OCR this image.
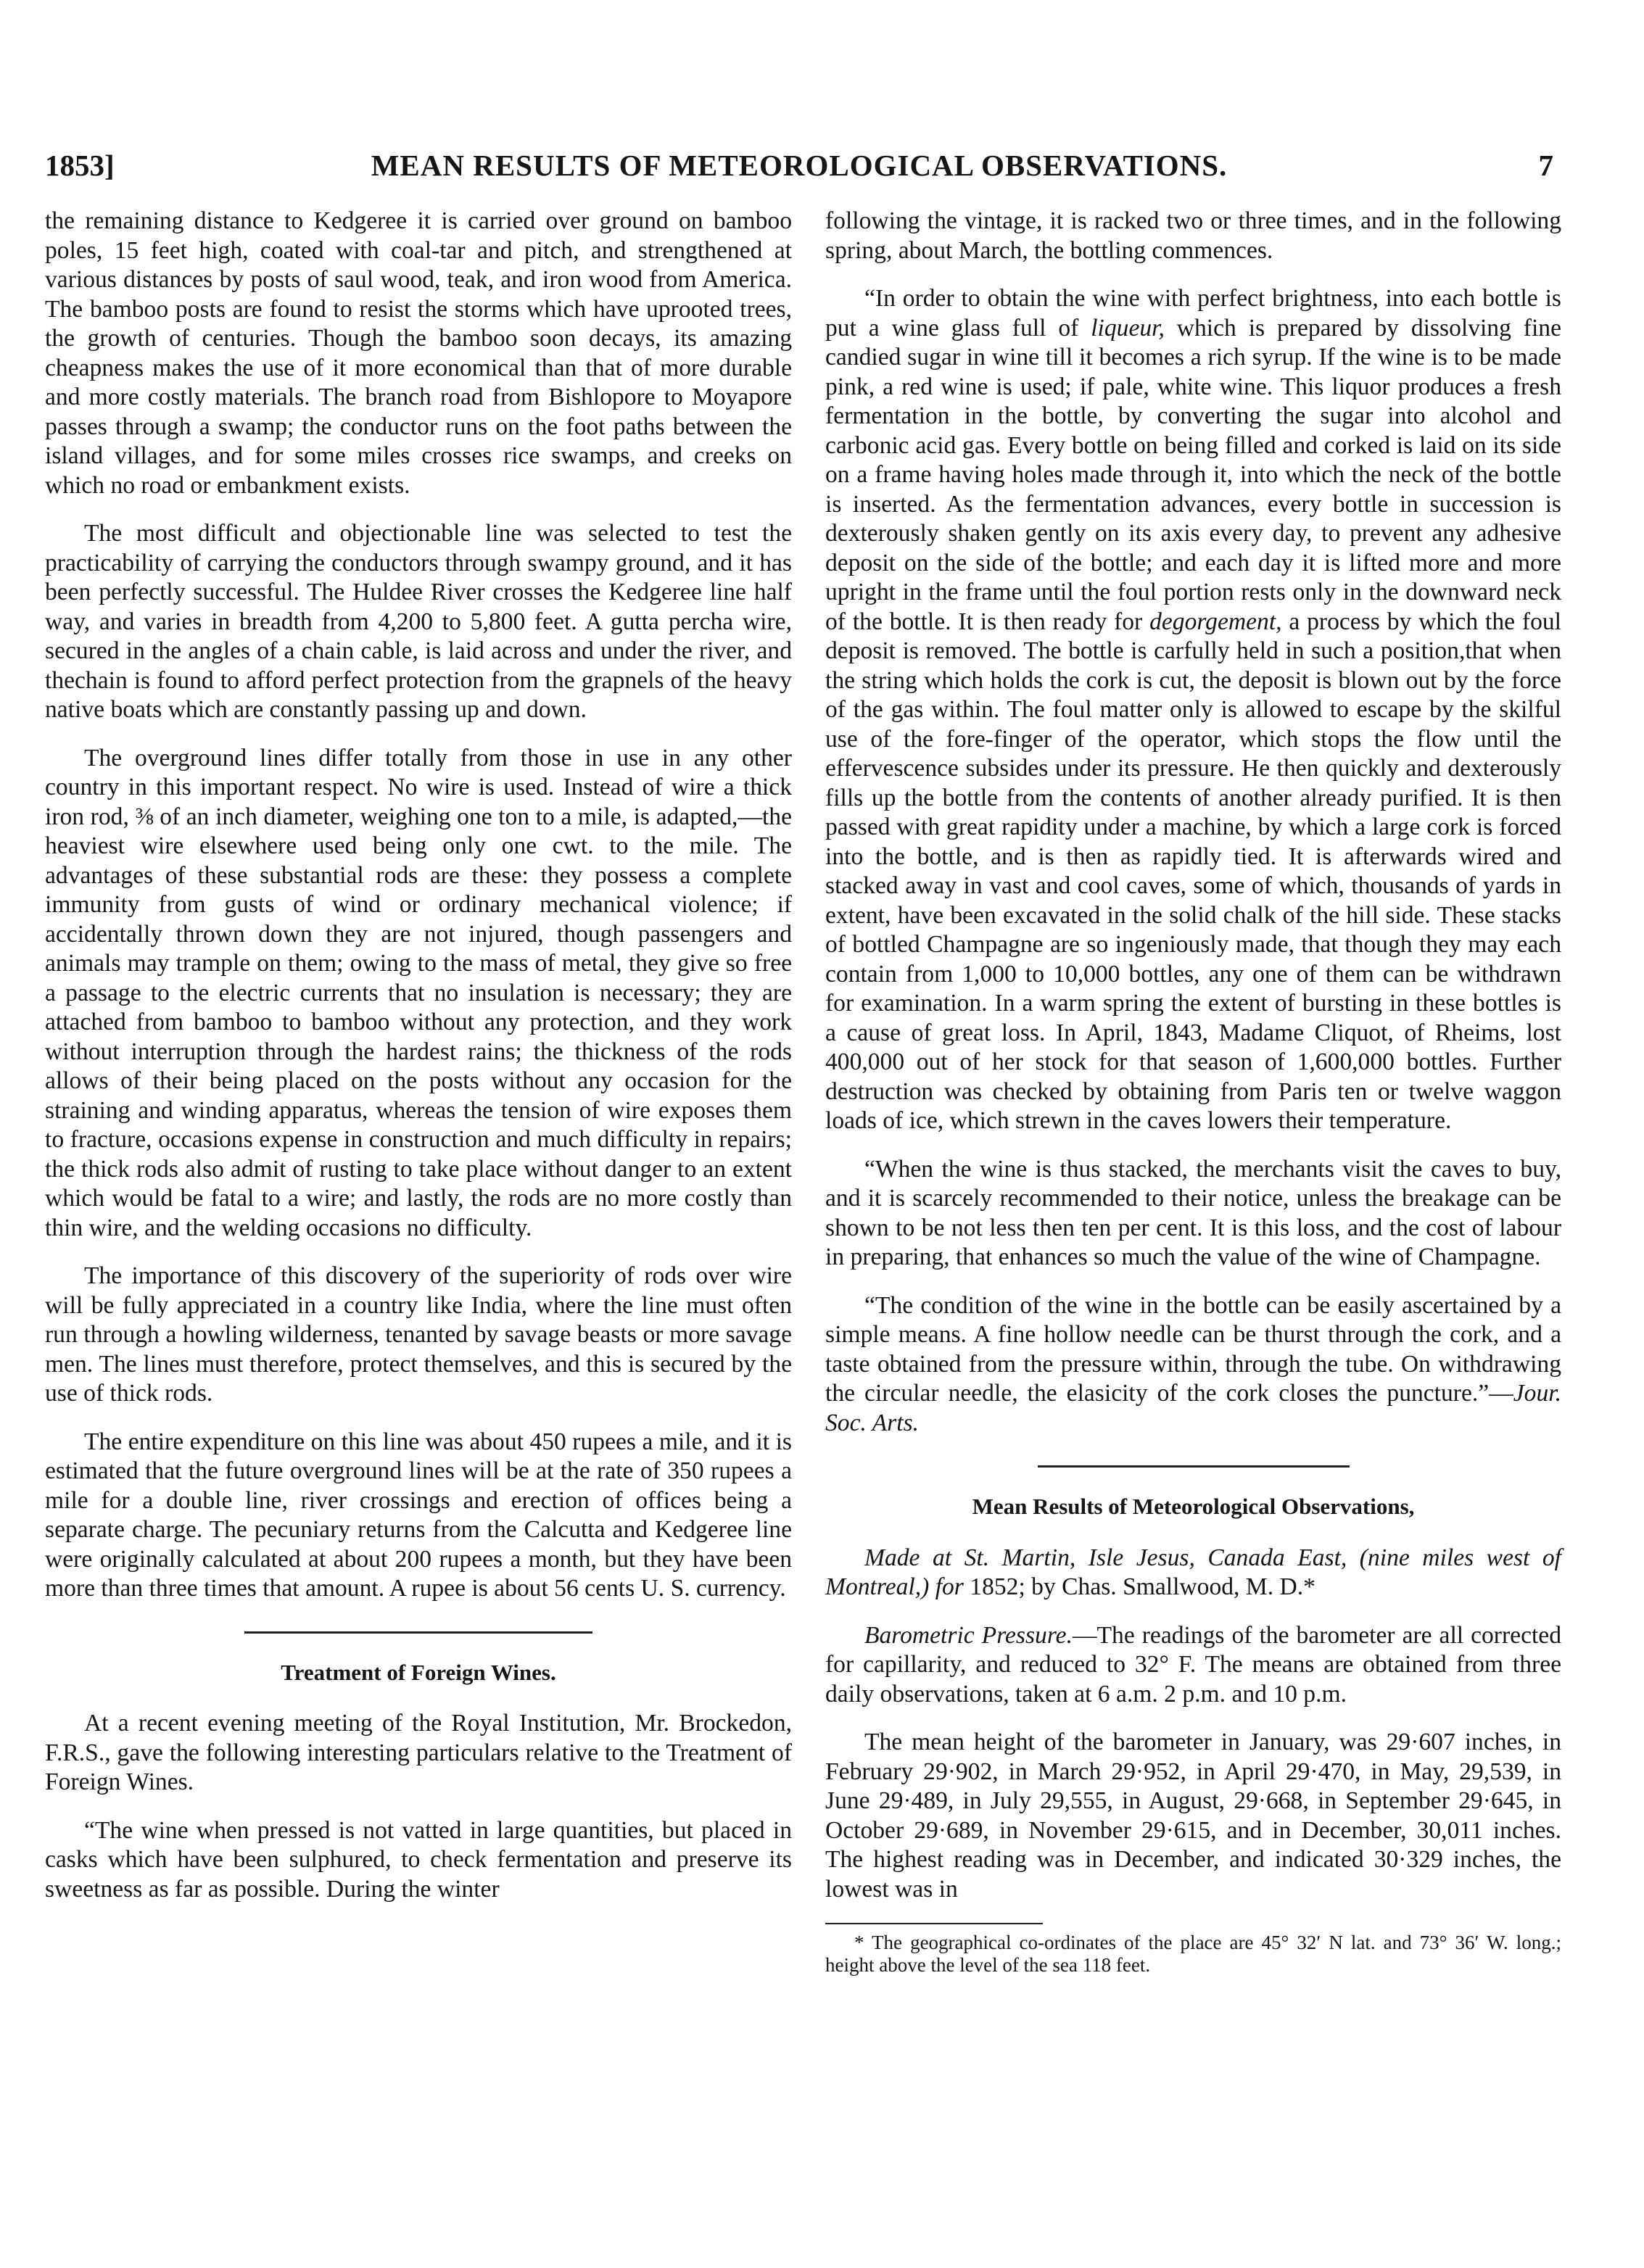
1853]	MEAN RESULTS OF METEOROLOGICAL OBSERVATIONS.	7

the remaining distance to Kedgeree it is carried over ground on bamboo poles, 15 feet high, coated with coal-tar and pitch, and strengthened at various distances by posts of saul wood, teak, and iron wood from America. The bamboo posts are found to resist the storms which have uprooted trees, the growth of centuries. Though the bamboo soon decays, its amazing cheapness makes the use of it more economical than that of more durable and more costly materials. The branch road from Bishlopore to Moyapore passes through a swamp; the conductor runs on the foot paths between the island villages, and for some miles crosses rice swamps, and creeks on which no road or embankment exists.

The most difficult and objectionable line was selected to test the practicability of carrying the conductors through swampy ground, and it has been perfectly successful. The Huldee River crosses the Kedgeree line half way, and varies in breadth from 4,200 to 5,800 feet. A gutta percha wire, secured in the angles of a chain cable, is laid across and under the river, and thechain is found to afford perfect protection from the grapnels of the heavy native boats which are constantly passing up and down.

The overground lines differ totally from those in use in any other country in this important respect. No wire is used. Instead of wire a thick iron rod, ⅜ of an inch diameter, weighing one ton to a mile, is adapted,—the heaviest wire elsewhere used being only one cwt. to the mile. The advantages of these substantial rods are these: they possess a complete immunity from gusts of wind or ordinary mechanical violence; if accidentally thrown down they are not injured, though passengers and animals may trample on them; owing to the mass of metal, they give so free a passage to the electric currents that no insulation is necessary; they are attached from bamboo to bamboo without any protection, and they work without interruption through the hardest rains; the thickness of the rods allows of their being placed on the posts without any occasion for the straining and winding apparatus, whereas the tension of wire exposes them to fracture, occasions expense in construction and much difficulty in repairs; the thick rods also admit of rusting to take place without danger to an extent which would be fatal to a wire; and lastly, the rods are no more costly than thin wire, and the welding occasions no difficulty.

The importance of this discovery of the superiority of rods over wire will be fully appreciated in a country like India, where the line must often run through a howling wilderness, tenanted by savage beasts or more savage men. The lines must therefore, protect themselves, and this is secured by the use of thick rods.

The entire expenditure on this line was about 450 rupees a mile, and it is estimated that the future overground lines will be at the rate of 350 rupees a mile for a double line, river crossings and erection of offices being a separate charge. The pecuniary returns from the Calcutta and Kedgeree line were originally calculated at about 200 rupees a month, but they have been more than three times that amount. A rupee is about 56 cents U. S. currency.

Treatment of Foreign Wines.

At a recent evening meeting of the Royal Institution, Mr. Brockedon, F.R.S., gave the following interesting particulars relative to the Treatment of Foreign Wines.

“The wine when pressed is not vatted in large quantities, but placed in casks which have been sulphured, to check fermentation and preserve its sweetness as far as possible. During the winter

following the vintage, it is racked two or three times, and in the following spring, about March, the bottling commences.

“In order to obtain the wine with perfect brightness, into each bottle is put a wine glass full of liqueur, which is prepared by dissolving fine candied sugar in wine till it becomes a rich syrup. If the wine is to be made pink, a red wine is used; if pale, white wine. This liquor produces a fresh fermentation in the bottle, by converting the sugar into alcohol and carbonic acid gas. Every bottle on being filled and corked is laid on its side on a frame having holes made through it, into which the neck of the bottle is inserted. As the fermentation advances, every bottle in succession is dexterously shaken gently on its axis every day, to prevent any adhesive deposit on the side of the bottle; and each day it is lifted more and more upright in the frame until the foul portion rests only in the downward neck of the bottle. It is then ready for degorgement, a process by which the foul deposit is removed. The bottle is carfully held in such a position,that when the string which holds the cork is cut, the deposit is blown out by the force of the gas within. The foul matter only is allowed to escape by the skilful use of the fore-finger of the operator, which stops the flow until the effervescence subsides under its pressure. He then quickly and dexterously fills up the bottle from the contents of another already purified. It is then passed with great rapidity under a machine, by which a large cork is forced into the bottle, and is then as rapidly tied. It is afterwards wired and stacked away in vast and cool caves, some of which, thousands of yards in extent, have been excavated in the solid chalk of the hill side. These stacks of bottled Champagne are so ingeniously made, that though they may each contain from 1,000 to 10,000 bottles, any one of them can be withdrawn for examination. In a warm spring the extent of bursting in these bottles is a cause of great loss. In April, 1843, Madame Cliquot, of Rheims, lost 400,000 out of her stock for that season of 1,600,000 bottles. Further destruction was checked by obtaining from Paris ten or twelve waggon loads of ice, which strewn in the caves lowers their temperature.

“When the wine is thus stacked, the merchants visit the caves to buy, and it is scarcely recommended to their notice, unless the breakage can be shown to be not less then ten per cent. It is this loss, and the cost of labour in preparing, that enhances so much the value of the wine of Champagne.

“The condition of the wine in the bottle can be easily ascertained by a simple means. A fine hollow needle can be thurst through the cork, and a taste obtained from the pressure within, through the tube. On withdrawing the circular needle, the elasicity of the cork closes the puncture.”—Jour. Soc. Arts.

Mean Results of Meteorological Observations,

Made at St. Martin, Isle Jesus, Canada East, (nine miles west of Montreal,) for 1852; by Chas. Smallwood, M. D.*

Barometric Pressure.—The readings of the barometer are all corrected for capillarity, and reduced to 32° F. The means are obtained from three daily observations, taken at 6 a.m. 2 p.m. and 10 p.m.

The mean height of the barometer in January, was 29·607 inches, in February 29·902, in March 29·952, in April 29·470, in May, 29,539, in June 29·489, in July 29,555, in August, 29·668, in September 29·645, in October 29·689, in November 29·615, and in December, 30,011 inches. The highest reading was in December, and indicated 30·329 inches, the lowest was in

* The geographical co-ordinates of the place are 45° 32′ N lat. and 73° 36′ W. long.; height above the level of the sea 118 feet.
